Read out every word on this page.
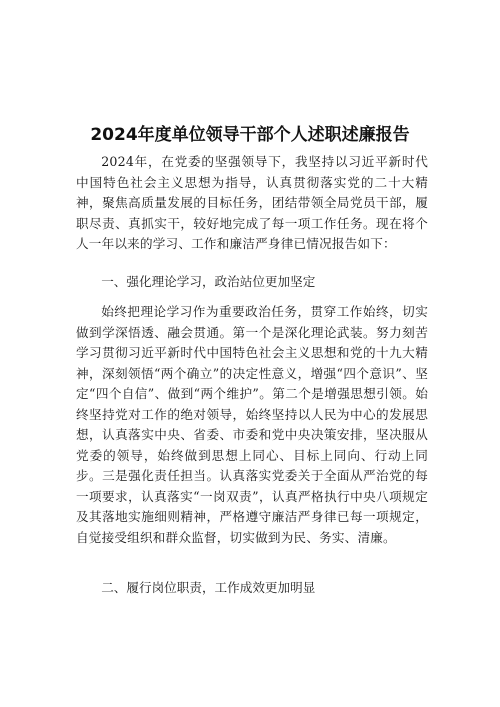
2024年度单位领导干部个人述职述廉报告

2024年，在党委的坚强领导下，我坚持以习近平新时代中国特色社会主义思想为指导，认真贯彻落实党的二十大精神，聚焦高质量发展的目标任务，团结带领全局党员干部，履职尽责、真抓实干，较好地完成了每一项工作任务。现在将个人一年以来的学习、工作和廉洁严身律已情况报告如下：

一、强化理论学习，政治站位更加坚定

始终把理论学习作为重要政治任务，贯穿工作始终，切实做到学深悟透、融会贯通。第一个是深化理论武装。努力刻苦学习贯彻习近平新时代中国特色社会主义思想和党的十九大精神，深刻领悟“两个确立”的决定性意义，增强“四个意识”、坚定“四个自信”、做到“两个维护”。第二个是增强思想引领。始终坚持党对工作的绝对领导，始终坚持以人民为中心的发展思想，认真落实中央、省委、市委和党中央决策安排，坚决服从党委的领导，始终做到思想上同心、目标上同向、行动上同步。三是强化责任担当。认真落实党委关于全面从严治党的每一项要求，认真落实“一岗双责”，认真严格执行中央八项规定及其落地实施细则精神，严格遵守廉洁严身律已每一项规定，自觉接受组织和群众监督，切实做到为民、务实、清廉。

二、履行岗位职责，工作成效更加明显
